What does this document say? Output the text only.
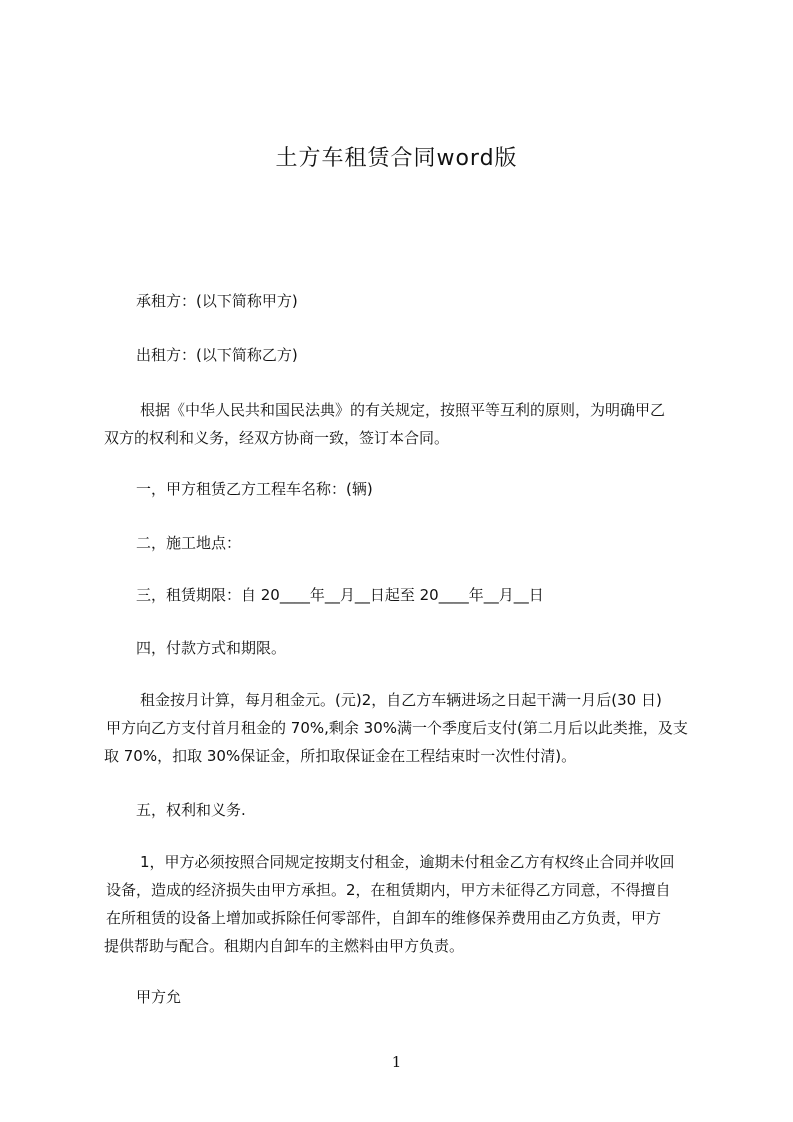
土方车租赁合同word版

承租方：(以下简称甲方)

出租方：(以下简称乙方)

根据《中华人民共和国民法典》的有关规定，按照平等互利的原则，为明确甲乙
双方的权利和义务，经双方协商一致，签订本合同。

一，甲方租赁乙方工程车名称：(辆)

二，施工地点：

三，租赁期限：自 20____年__月__日起至 20____年__月__日

四，付款方式和期限。

租金按月计算，每月租金元。(元)2，自乙方车辆进场之日起干满一月后(30 日)
甲方向乙方支付首月租金的 70%,剩余 30%满一个季度后支付(第二月后以此类推，及支
取 70%，扣取 30%保证金，所扣取保证金在工程结束时一次性付清)。

五，权利和义务.

1，甲方必须按照合同规定按期支付租金，逾期未付租金乙方有权终止合同并收回
设备，造成的经济损失由甲方承担。2，在租赁期内，甲方未征得乙方同意，不得擅自
在所租赁的设备上增加或拆除任何零部件，自卸车的维修保养费用由乙方负责，甲方
提供帮助与配合。租期内自卸车的主燃料由甲方负责。

甲方允

1
